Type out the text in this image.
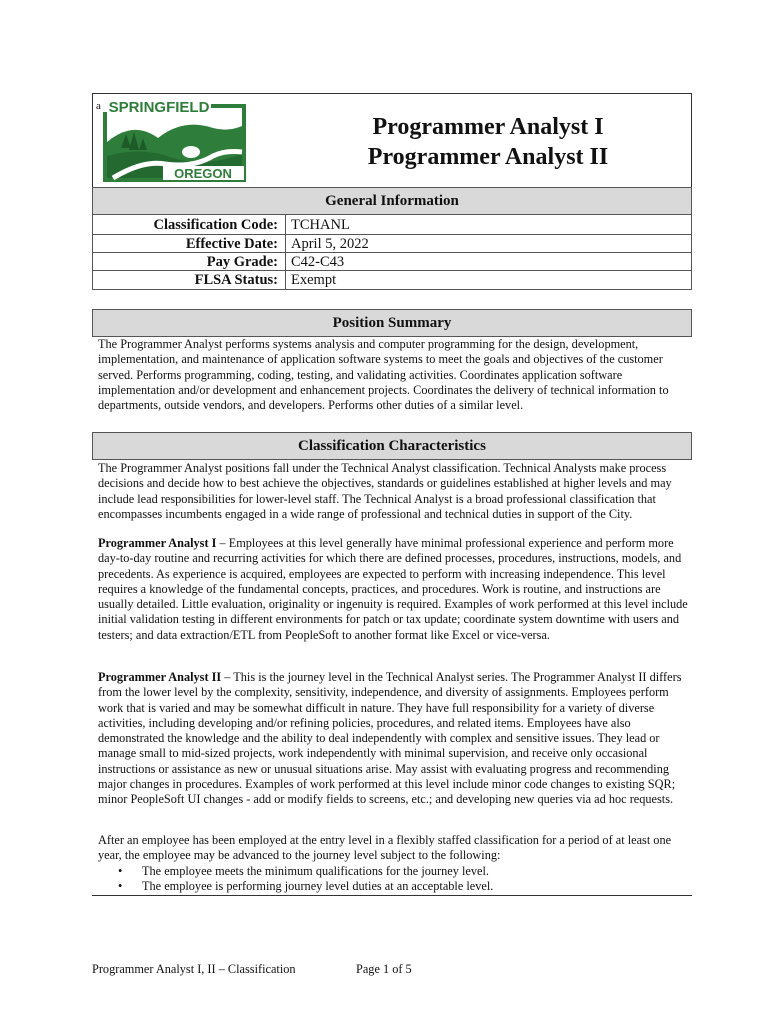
a
OREGON
SPRINGFIELD
Programmer Analyst I
Programmer Analyst II
General Information
Classification Code: TCHANL
Effective Date: April 5, 2022
Pay Grade: C42-C43
FLSA Status: Exempt
Position Summary
The Programmer Analyst performs systems analysis and computer programming for the design, development, implementation, and maintenance of application software systems to meet the goals and objectives of the customer served. Performs programming, coding, testing, and validating activities. Coordinates application software implementation and/or development and enhancement projects. Coordinates the delivery of technical information to departments, outside vendors, and developers. Performs other duties of a similar level.
Classification Characteristics
The Programmer Analyst positions fall under the Technical Analyst classification. Technical Analysts make process decisions and decide how to best achieve the objectives, standards or guidelines established at higher levels and may include lead responsibilities for lower-level staff. The Technical Analyst is a broad professional classification that encompasses incumbents engaged in a wide range of professional and technical duties in support of the City.
Programmer Analyst I – Employees at this level generally have minimal professional experience and perform more day-to-day routine and recurring activities for which there are defined processes, procedures, instructions, models, and precedents. As experience is acquired, employees are expected to perform with increasing independence. This level requires a knowledge of the fundamental concepts, practices, and procedures. Work is routine, and instructions are usually detailed. Little evaluation, originality or ingenuity is required. Examples of work performed at this level include initial validation testing in different environments for patch or tax update; coordinate system downtime with users and testers; and data extraction/ETL from PeopleSoft to another format like Excel or vice-versa.
Programmer Analyst II – This is the journey level in the Technical Analyst series. The Programmer Analyst II differs from the lower level by the complexity, sensitivity, independence, and diversity of assignments. Employees perform work that is varied and may be somewhat difficult in nature. They have full responsibility for a variety of diverse activities, including developing and/or refining policies, procedures, and related items. Employees have also demonstrated the knowledge and the ability to deal independently with complex and sensitive issues. They lead or manage small to mid-sized projects, work independently with minimal supervision, and receive only occasional instructions or assistance as new or unusual situations arise. May assist with evaluating progress and recommending major changes in procedures. Examples of work performed at this level include minor code changes to existing SQR; minor PeopleSoft UI changes - add or modify fields to screens, etc.; and developing new queries via ad hoc requests.
After an employee has been employed at the entry level in a flexibly staffed classification for a period of at least one year, the employee may be advanced to the journey level subject to the following:
• The employee meets the minimum qualifications for the journey level.
• The employee is performing journey level duties at an acceptable level.
Programmer Analyst I, II – Classification	Page 1 of 5
